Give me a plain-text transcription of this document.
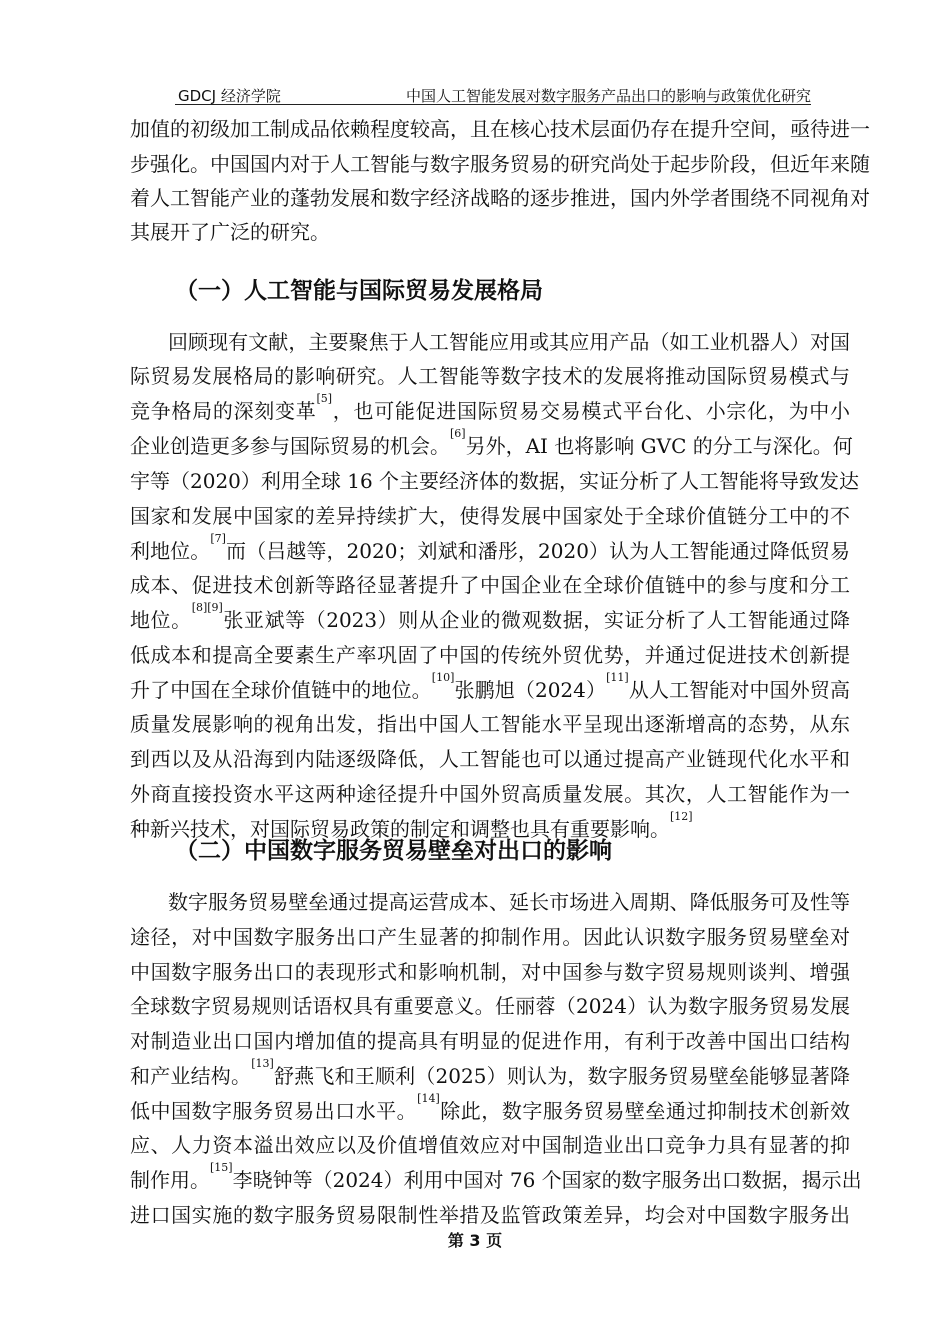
GDCJ 经济学院	中国人工智能发展对数字服务产品出口的影响与政策优化研究
加值的初级加工制成品依赖程度较高，且在核心技术层面仍存在提升空间，亟待进一
步强化。中国国内对于人工智能与数字服务贸易的研究尚处于起步阶段，但近年来随
着人工智能产业的蓬勃发展和数字经济战略的逐步推进，国内外学者围绕不同视角对
其展开了广泛的研究。
（一）人工智能与国际贸易发展格局
回顾现有文献，主要聚焦于人工智能应用或其应用产品（如工业机器人）对国
际贸易发展格局的影响研究。人工智能等数字技术的发展将推动国际贸易模式与
竞争格局的深刻变革[5]，也可能促进国际贸易交易模式平台化、小宗化，为中小
企业创造更多参与国际贸易的机会。[6]另外，AI 也将影响 GVC 的分工与深化。何
宇等（2020）利用全球 16 个主要经济体的数据，实证分析了人工智能将导致发达
国家和发展中国家的差异持续扩大，使得发展中国家处于全球价值链分工中的不
利地位。[7]而（吕越等，2020；刘斌和潘彤，2020）认为人工智能通过降低贸易
成本、促进技术创新等路径显著提升了中国企业在全球价值链中的参与度和分工
地位。[8][9]张亚斌等（2023）则从企业的微观数据，实证分析了人工智能通过降
低成本和提高全要素生产率巩固了中国的传统外贸优势，并通过促进技术创新提
升了中国在全球价值链中的地位。[10]张鹏旭（2024）[11]从人工智能对中国外贸高
质量发展影响的视角出发，指出中国人工智能水平呈现出逐渐增高的态势，从东
到西以及从沿海到内陆逐级降低，人工智能也可以通过提高产业链现代化水平和
外商直接投资水平这两种途径提升中国外贸高质量发展。其次，人工智能作为一
种新兴技术，对国际贸易政策的制定和调整也具有重要影响。[12]
（二）中国数字服务贸易壁垒对出口的影响
数字服务贸易壁垒通过提高运营成本、延长市场进入周期、降低服务可及性等
途径，对中国数字服务出口产生显著的抑制作用。因此认识数字服务贸易壁垒对
中国数字服务出口的表现形式和影响机制，对中国参与数字贸易规则谈判、增强
全球数字贸易规则话语权具有重要意义。任丽蓉（2024）认为数字服务贸易发展
对制造业出口国内增加值的提高具有明显的促进作用，有利于改善中国出口结构
和产业结构。[13]舒燕飞和王顺利（2025）则认为，数字服务贸易壁垒能够显著降
低中国数字服务贸易出口水平。[14]除此，数字服务贸易壁垒通过抑制技术创新效
应、人力资本溢出效应以及价值增值效应对中国制造业出口竞争力具有显著的抑
制作用。[15]李晓钟等（2024）利用中国对 76 个国家的数字服务出口数据，揭示出
进口国实施的数字服务贸易限制性举措及监管政策差异，均会对中国数字服务出
第 3 页
